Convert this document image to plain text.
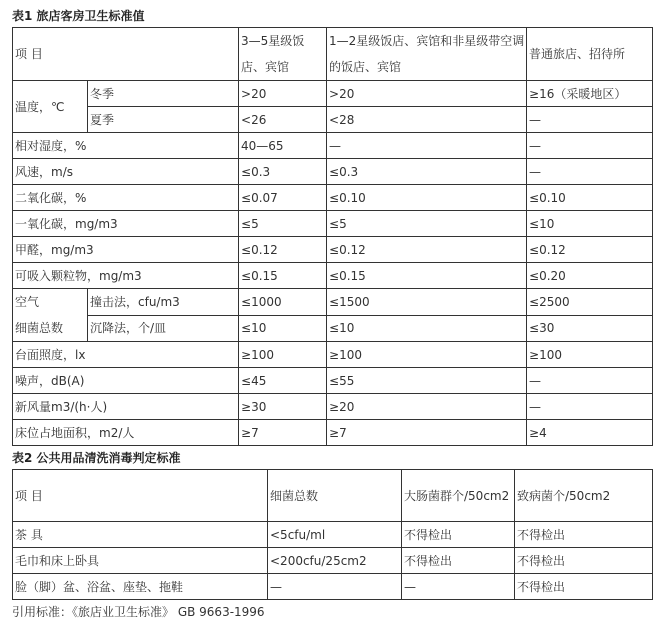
表1 旅店客房卫生标准值
项 目		3—5星级饭店、宾馆	1—2星级饭店、宾馆和非星级带空调的饭店、宾馆	普通旅店、招待所
温度，℃	冬季	>20	>20	≥16（采暖地区）
	夏季	<26	<28	—
相对湿度，%		40—65	—	—
风速，m/s		≤0.3	≤0.3	—
二氧化碳，%		≤0.07	≤0.10	≤0.10
一氧化碳，mg/m3		≤5	≤5	≤10
甲醛，mg/m3		≤0.12	≤0.12	≤0.12
可吸入颗粒物，mg/m3		≤0.15	≤0.15	≤0.20
空气
细菌总数	撞击法，cfu/m3	≤1000	≤1500	≤2500
	沉降法，个/皿	≤10	≤10	≤30
台面照度，lx		≥100	≥100	≥100
噪声，dB(A)		≤45	≤55	—
新风量m3/(h·人)		≥30	≥20	—
床位占地面积，m2/人		≥7	≥7	≥4
表2 公共用品清洗消毒判定标准
项 目	细菌总数	大肠菌群个/50cm2	致病菌个/50cm2
茶 具	<5cfu/ml	不得检出	不得检出
毛巾和床上卧具	<200cfu/25cm2	不得检出	不得检出
脸（脚）盆、浴盆、座垫、拖鞋	—	—	不得检出
引用标准：《旅店业卫生标准》 GB 9663-1996
